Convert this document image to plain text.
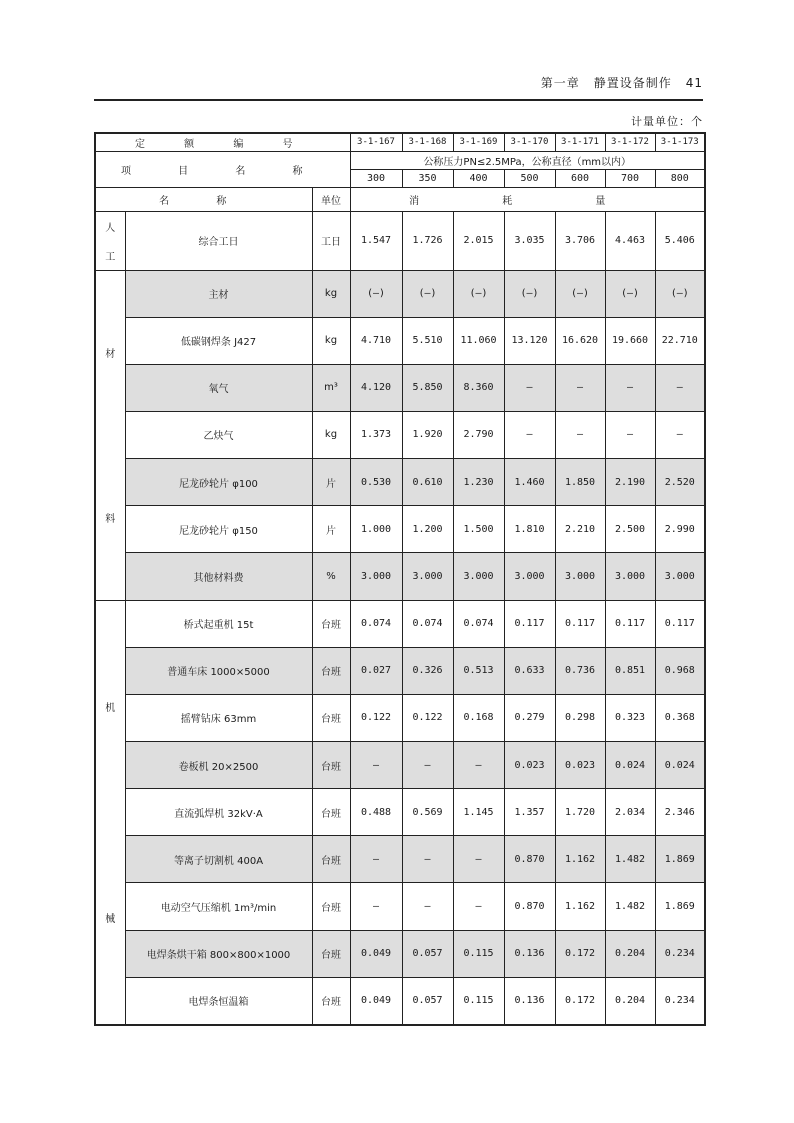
第一章 静置设备制作 41
计量单位：个
定 额 编 号			3-1-167	3-1-168	3-1-169	3-1-170	3-1-171	3-1-172	3-1-173
项 目 名 称			公称压力PN≤2.5MPa，公称直径（mm以内）						
			300	350	400	500	600	700	800
名 称		单位	消 耗 量						

人
工	综合工日	工日	1.547	1.726	2.015	3.035	3.706	4.463	5.406

材
料	主材	kg	(—)	(—)	(—)	(—)	(—)	(—)	(—)
	低碳钢焊条 J427	kg	4.710	5.510	11.060	13.120	16.620	19.660	22.710
	氧气	m³	4.120	5.850	8.360	—	—	—	—
	乙炔气	kg	1.373	1.920	2.790	—	—	—	—
	尼龙砂轮片 φ100	片	0.530	0.610	1.230	1.460	1.850	2.190	2.520
	尼龙砂轮片 φ150	片	1.000	1.200	1.500	1.810	2.210	2.500	2.990
	其他材料费	%	3.000	3.000	3.000	3.000	3.000	3.000	3.000

机
械	桥式起重机 15t	台班	0.074	0.074	0.074	0.117	0.117	0.117	0.117
	普通车床 1000×5000	台班	0.027	0.326	0.513	0.633	0.736	0.851	0.968
	摇臂钻床 63mm	台班	0.122	0.122	0.168	0.279	0.298	0.323	0.368
	卷板机 20×2500	台班	—	—	—	0.023	0.023	0.024	0.024
	直流弧焊机 32kV·A	台班	0.488	0.569	1.145	1.357	1.720	2.034	2.346
	等离子切割机 400A	台班	—	—	—	0.870	1.162	1.482	1.869
	电动空气压缩机 1m³/min	台班	—	—	—	0.870	1.162	1.482	1.869
	电焊条烘干箱 800×800×1000	台班	0.049	0.057	0.115	0.136	0.172	0.204	0.234
	电焊条恒温箱	台班	0.049	0.057	0.115	0.136	0.172	0.204	0.234
